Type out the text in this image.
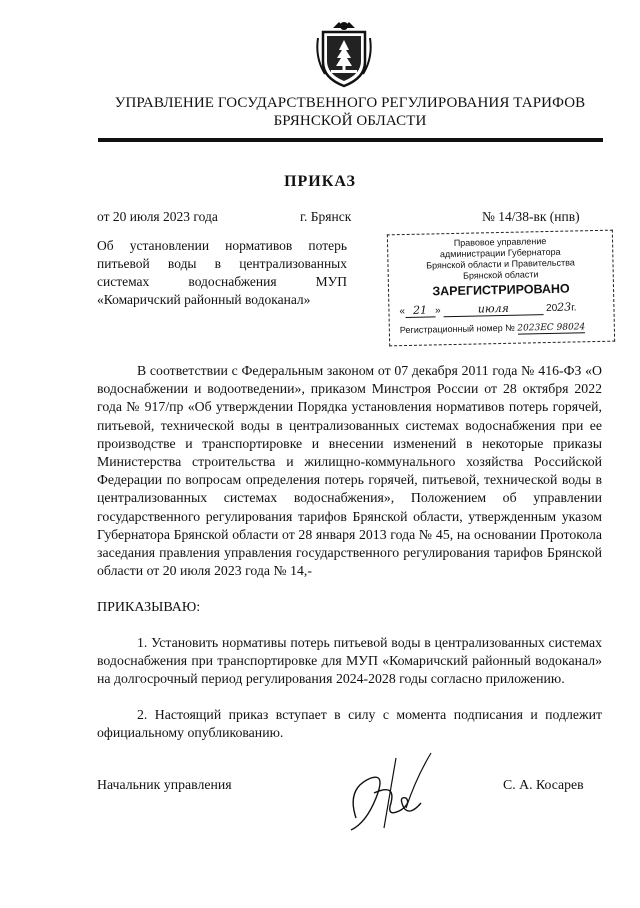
УПРАВЛЕНИЕ ГОСУДАРСТВЕННОГО РЕГУЛИРОВАНИЯ ТАРИФОВ
БРЯНСКОЙ ОБЛАСТИ
ПРИКАЗ
от 20 июля 2023 года	г. Брянск	№ 14/38-вк (нпв)
Об установлении нормативов потерь
питьевой воды в централизованных
системах водоснабжения МУП
«Комаричский районный водоканал»
Правовое управление
администрации Губернатора
Брянской области и Правительства
Брянской области
ЗАРЕГИСТРИРОВАНО
« 21 »	июля	2023г.
Регистрационный номер № 2023ЕС 98024

В соответствии с Федеральным законом от 07 декабря 2011 года № 416-ФЗ «О водоснабжении и водоотведении», приказом Минстроя России от 28 октября 2022 года № 917/пр «Об утверждении Порядка установления нормативов потерь горячей, питьевой, технической воды в централизованных системах водоснабжения при ее производстве и транспортировке и внесении изменений в некоторые приказы Министерства строительства и жилищно-коммунального хозяйства Российской Федерации по вопросам определения потерь горячей, питьевой, технической воды в централизованных системах водоснабжения», Положением об управлении государственного регулирования тарифов Брянской области, утвержденным указом Губернатора Брянской области от 28 января 2013 года № 45, на основании Протокола заседания правления управления государственного регулирования тарифов Брянской области от 20 июля 2023 года № 14,-

ПРИКАЗЫВАЮ:

1. Установить нормативы потерь питьевой воды в централизованных системах водоснабжения при транспортировке для МУП «Комаричский районный водоканал» на долгосрочный период регулирования 2024-2028 годы согласно приложению.

2. Настоящий приказ вступает в силу с момента подписания и подлежит официальному опубликованию.

Начальник управления	С. А. Косарев
